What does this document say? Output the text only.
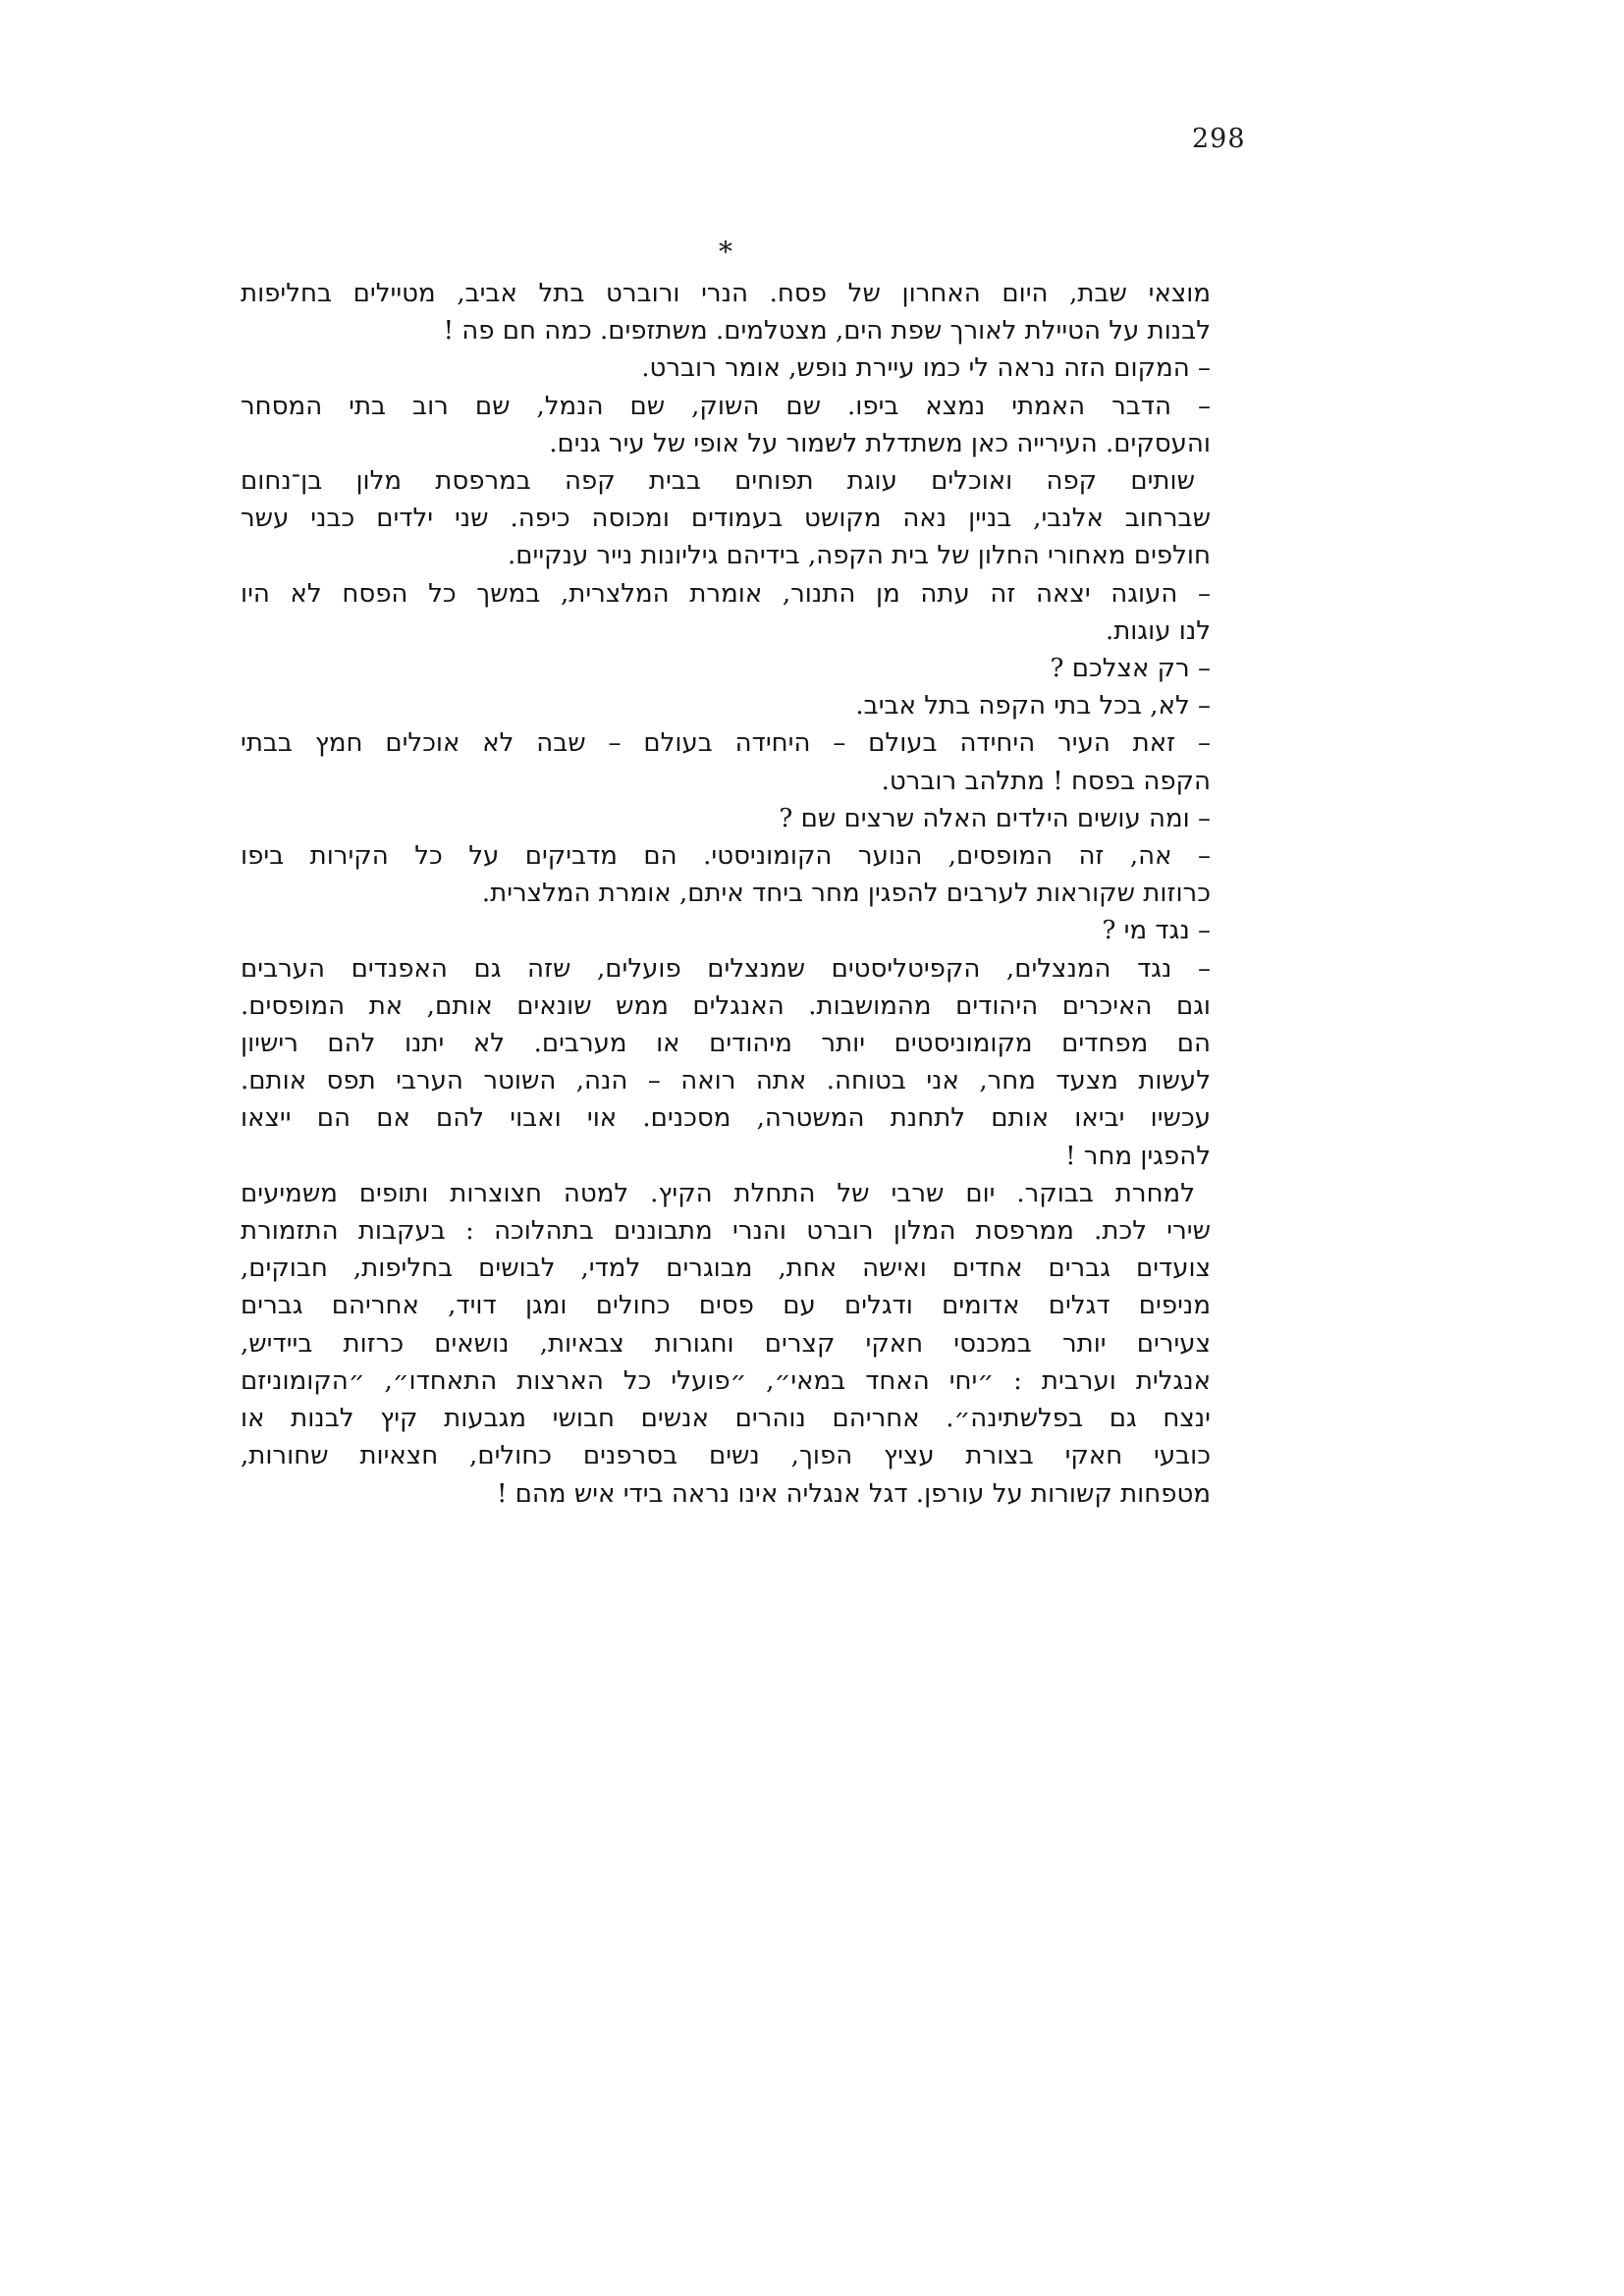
298
*
מוצאי שבת, היום האחרון של פסח. הנרי ורוברט בתל אביב, מטיילים בחליפות
לבנות על הטיילת לאורך שפת הים, מצטלמים. משתזפים. כמה חם פה !
– המקום הזה נראה לי כמו עיירת נופש, אומר רוברט.
– הדבר האמתי נמצא ביפו. שם השוק, שם הנמל, שם רוב בתי המסחר
והעסקים. העירייה כאן משתדלת לשמור על אופי של עיר גנים.
שותים קפה ואוכלים עוגת תפוחים בבית קפה במרפסת מלון בן־נחום
שברחוב אלנבי, בניין נאה מקושט בעמודים ומכוסה כיפה. שני ילדים כבני עשר
חולפים מאחורי החלון של בית הקפה, בידיהם גיליונות נייר ענקיים.
– העוגה יצאה זה עתה מן התנור, אומרת המלצרית, במשך כל הפסח לא היו
לנו עוגות.
– רק אצלכם ?
– לא, בכל בתי הקפה בתל אביב.
– זאת העיר היחידה בעולם – היחידה בעולם – שבה לא אוכלים חמץ בבתי
הקפה בפסח ! מתלהב רוברט.
– ומה עושים הילדים האלה שרצים שם ?
– אה, זה המופסים, הנוער הקומוניסטי. הם מדביקים על כל הקירות ביפו
כרוזות שקוראות לערבים להפגין מחר ביחד איתם, אומרת המלצרית.
– נגד מי ?
– נגד המנצלים, הקפיטליסטים שמנצלים פועלים, שזה גם האפנדים הערבים
וגם האיכרים היהודים מהמושבות. האנגלים ממש שונאים אותם, את המופסים.
הם מפחדים מקומוניסטים יותר מיהודים או מערבים. לא יתנו להם רישיון
לעשות מצעד מחר, אני בטוחה. אתה רואה – הנה, השוטר הערבי תפס אותם.
עכשיו יביאו אותם לתחנת המשטרה, מסכנים. אוי ואבוי להם אם הם ייצאו
להפגין מחר !
למחרת בבוקר. יום שרבי של התחלת הקיץ. למטה חצוצרות ותופים משמיעים
שירי לכת. ממרפסת המלון רוברט והנרי מתבוננים בתהלוכה : בעקבות התזמורת
צועדים גברים אחדים ואישה אחת, מבוגרים למדי, לבושים בחליפות, חבוקים,
מניפים דגלים אדומים ודגלים עם פסים כחולים ומגן דויד, אחריהם גברים
צעירים יותר במכנסי חאקי קצרים וחגורות צבאיות, נושאים כרזות ביידיש,
אנגלית וערבית : ״יחי האחד במאי״, ״פועלי כל הארצות התאחדו״, ״הקומוניזם
ינצח גם בפלשתינה״. אחריהם נוהרים אנשים חבושי מגבעות קיץ לבנות או
כובעי חאקי בצורת עציץ הפוך, נשים בסרפנים כחולים, חצאיות שחורות,
מטפחות קשורות על עורפן. דגל אנגליה אינו נראה בידי איש מהם !
